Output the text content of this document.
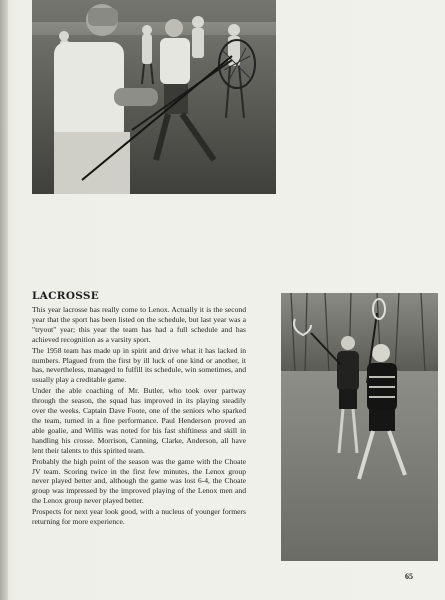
LACROSSE

This year lacrosse has really come to Lenox. Actually it is the second year that the sport has been listed on the schedule, but last year was a "tryout" year; this year the team has had a full schedule and has achieved recognition as a varsity sport.

The 1958 team has made up in spirit and drive what it has lacked in numbers. Plagued from the first by ill luck of one kind or another, it has, nevertheless, managed to fulfill its schedule, win sometimes, and usually play a creditable game.

Under the able coaching of Mr. Butler, who took over partway through the season, the squad has improved in its playing steadily over the weeks. Captain Dave Foote, one of the seniors who sparked the team, turned in a fine performance. Paul Henderson proved an able goalie, and Willis was noted for his fast shiftiness and skill in handling his crosse. Morrison, Canning, Clarke, Anderson, all have lent their talents to this spirited team.

Probably the high point of the season was the game with the Choate JV team. Scoring twice in the first few minutes, the Lenox group never played better and, although the game was lost 6-4, the Choate group was impressed by the improved playing of the Lenox men and the Lenox group never played better.

Prospects for next year look good, with a nucleus of younger formers returning for more experience.

65
